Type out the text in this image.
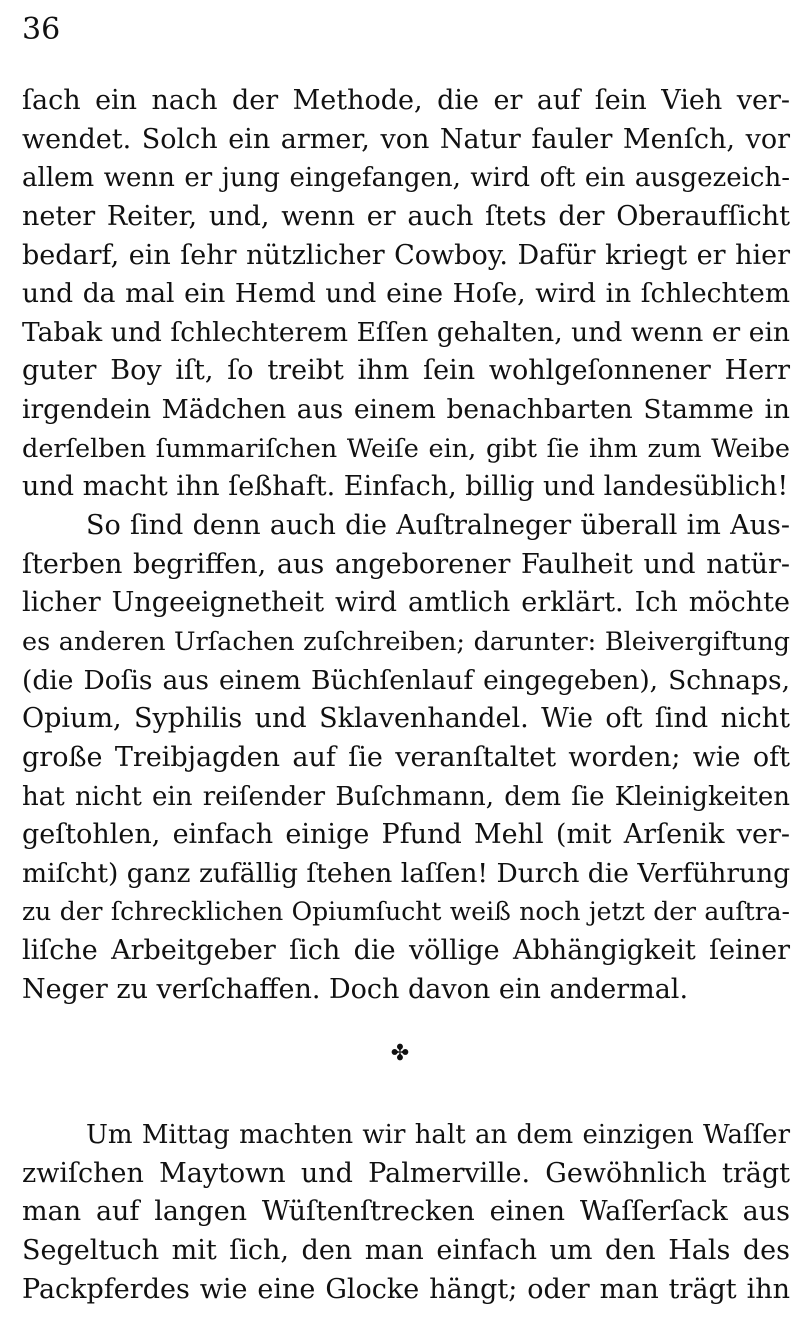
36
ſach ein nach der Methode, die er auf ſein Vieh ver-
wendet. Solch ein armer, von Natur fauler Menſch, vor
allem wenn er jung eingefangen, wird oft ein ausgezeich-
neter Reiter, und, wenn er auch ſtets der Oberaufſicht
bedarf, ein ſehr nützlicher Cowboy. Dafür kriegt er hier
und da mal ein Hemd und eine Hoſe, wird in ſchlechtem
Tabak und ſchlechterem Eſſen gehalten, und wenn er ein
guter Boy iſt, ſo treibt ihm ſein wohlgeſonnener Herr
irgendein Mädchen aus einem benachbarten Stamme in
derſelben ſummariſchen Weiſe ein, gibt ſie ihm zum Weibe
und macht ihn ſeßhaft. Einfach, billig und landesüblich!
So ſind denn auch die Auſtralneger überall im Aus-
ſterben begriffen, aus angeborener Faulheit und natür-
licher Ungeeignetheit wird amtlich erklärt. Ich möchte
es anderen Urſachen zuſchreiben; darunter: Bleivergiftung
(die Doſis aus einem Büchſenlauf eingegeben), Schnaps,
Opium, Syphilis und Sklavenhandel. Wie oft ſind nicht
große Treibjagden auf ſie veranſtaltet worden; wie oft
hat nicht ein reiſender Buſchmann, dem ſie Kleinigkeiten
geſtohlen, einfach einige Pfund Mehl (mit Arſenik ver-
miſcht) ganz zufällig ſtehen laſſen! Durch die Verführung
zu der ſchrecklichen Opiumſucht weiß noch jetzt der auſtra-
liſche Arbeitgeber ſich die völlige Abhängigkeit ſeiner
Neger zu verſchaffen. Doch davon ein andermal.
✤
Um Mittag machten wir halt an dem einzigen Waſſer
zwiſchen Maytown und Palmerville. Gewöhnlich trägt
man auf langen Wüſtenſtrecken einen Waſſerſack aus
Segeltuch mit ſich, den man einfach um den Hals des
Packpferdes wie eine Glocke hängt; oder man trägt ihn
